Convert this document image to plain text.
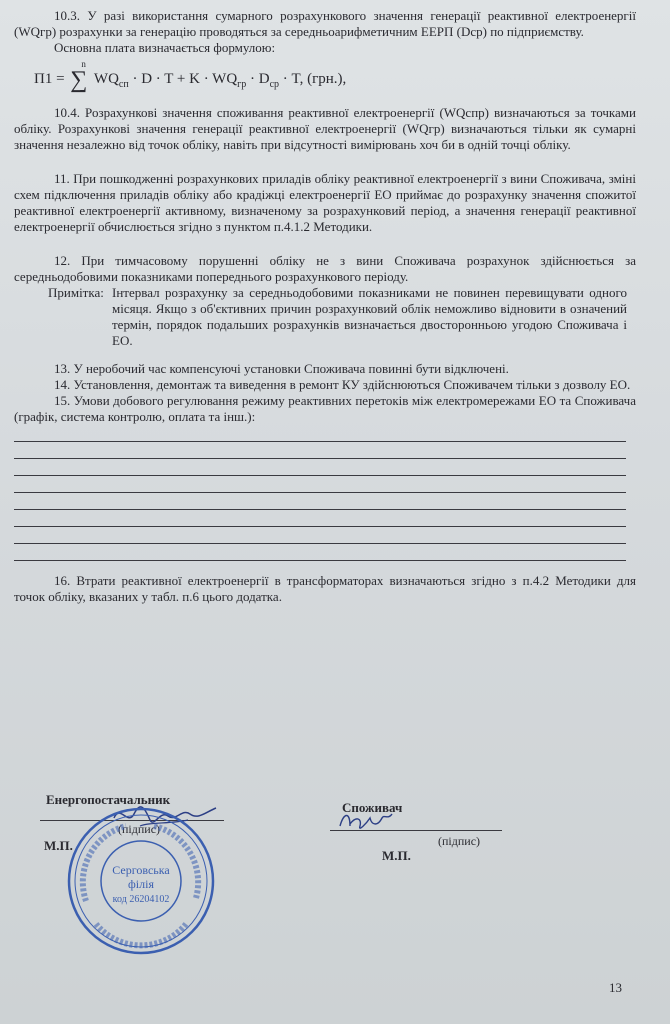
10.3. У разі використання сумарного розрахункового значення генерації реактивної електроенергії (WQгр) розрахунки за генерацію проводяться за середньоарифметичним ЕЕРП (Dср) по підприємству.

Основна плата визначається формулою:

$П1 = \sum^nWQ_{сп} \cdot D \cdot T + K \cdot WQ_{гр} \cdot D_{ср} \cdot T$, (грн.),

10.4. Розрахункові значення споживання реактивної електроенергії (WQспр) визначаються за точками обліку. Розрахункові значення генерації реактивної електроенергії (WQгр) визначаються тільки як сумарні значення незалежно від точок обліку, навіть при відсутності вимірювань хоч би в одній точці обліку.

11. При пошкодженні розрахункових приладів обліку реактивної електроенергії з вини Споживача, зміні схем підключення приладів обліку або крадіжці електроенергії ЕО приймає до розрахунку значення спожитої реактивної електроенергії активному, визначеному за розрахунковий період, а значення генерації реактивної електроенергії обчислюється згідно з пунктом п.4.1.2 Методики.

12. При тимчасовому порушенні обліку не з вини Споживача розрахунок здійснюється за середньодобовими показниками попереднього розрахункового періоду.

Примітка: Інтервал розрахунку за середньодобовими показниками не повинен перевищувати одного місяця. Якщо з об'єктивних причин розрахунковий облік неможливо відновити в означений термін, порядок подальших розрахунків визначається двосторонньою угодою Споживача і ЕО.

13. У неробочий час компенсуючі установки Споживача повинні бути відключені.

14. Установлення, демонтаж та виведення в ремонт КУ здійснюються Споживачем тільки з дозволу ЕО.

15. Умови добового регулювання режиму реактивних перетоків між електромережами ЕО та Споживача (графік, система контролю, оплата та інш.):

16. Втрати реактивної електроенергії в трансформаторах визначаються згідно з п.4.2 Методики для точок обліку, вказаних у табл. п.6 цього додатка.

Енергопостачальник
(підпис)
М.П.
Споживач
(підпис)
М.П.
Серговська
філія
код 26204102
13
